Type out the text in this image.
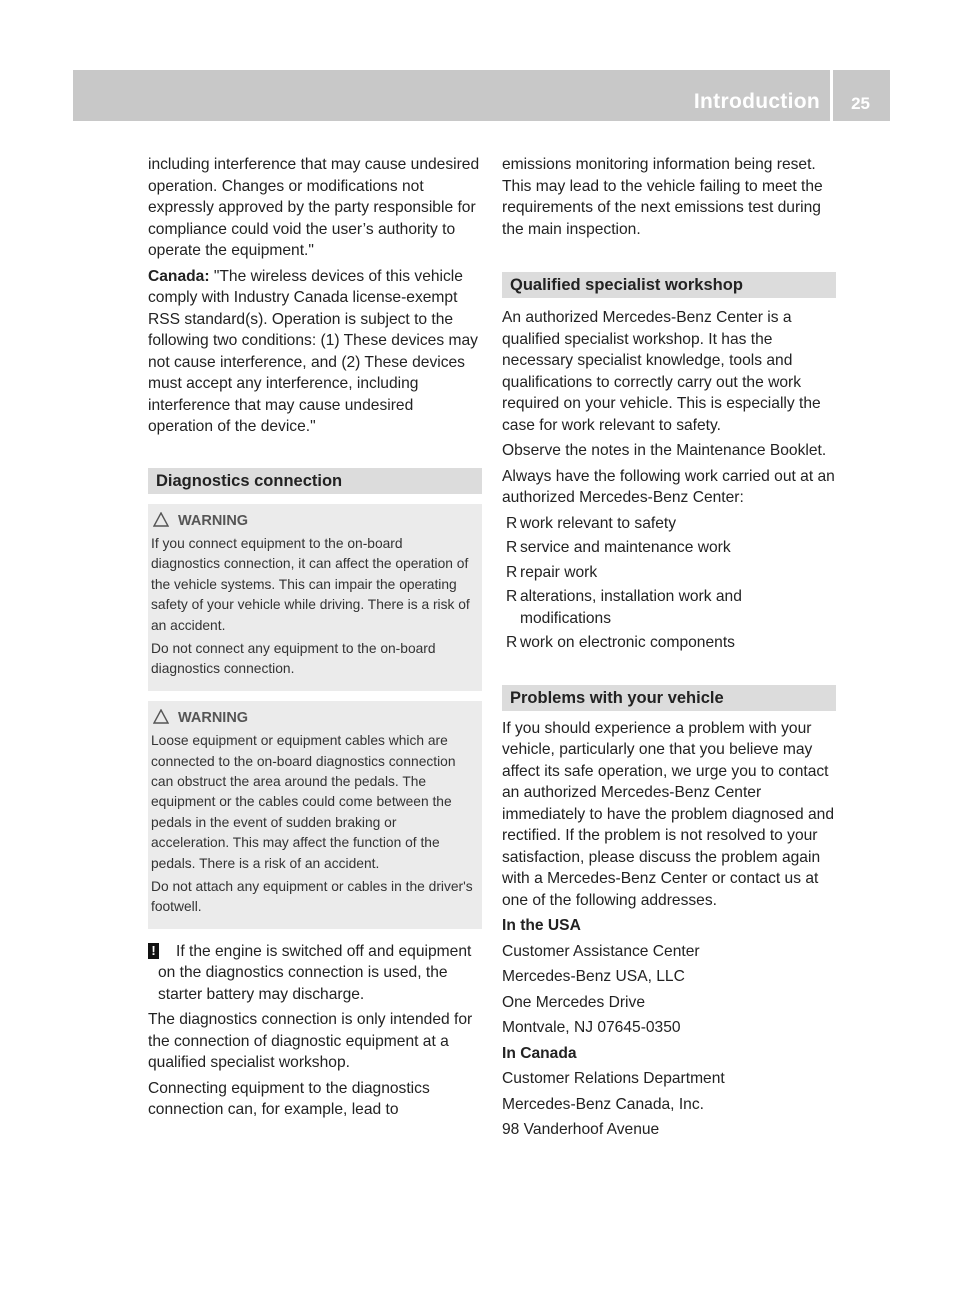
Introduction 25

including interference that may cause undesired operation. Changes or modifications not expressly approved by the party responsible for compliance could void the user’s authority to operate the equipment."

Canada: "The wireless devices of this vehicle comply with Industry Canada license-exempt RSS standard(s). Operation is subject to the following two conditions: (1) These devices may not cause interference, and (2) These devices must accept any interference, including interference that may cause undesired operation of the device."

Diagnostics connection
WARNING

If you connect equipment to the on-board diagnostics connection, it can affect the operation of the vehicle systems. This can impair the operating safety of your vehicle while driving. There is a risk of an accident.

Do not connect any equipment to the on-board diagnostics connection.

WARNING

Loose equipment or equipment cables which are connected to the on-board diagnostics connection can obstruct the area around the pedals. The equipment or the cables could come between the pedals in the event of sudden braking or acceleration. This may affect the function of the pedals. There is a risk of an accident.

Do not attach any equipment or cables in the driver's footwell.

!	If the engine is switched off and equipment on the diagnostics connection is used, the starter battery may discharge.

The diagnostics connection is only intended for the connection of diagnostic equipment at a qualified specialist workshop.

Connecting equipment to the diagnostics connection can, for example, lead to

emissions monitoring information being reset. This may lead to the vehicle failing to meet the requirements of the next emissions test during the main inspection.

Qualified specialist workshop

An authorized Mercedes-Benz Center is a qualified specialist workshop. It has the necessary specialist knowledge, tools and qualifications to correctly carry out the work required on your vehicle. This is especially the case for work relevant to safety.

Observe the notes in the Maintenance Booklet.

Always have the following work carried out at an authorized Mercedes-Benz Center:

R work relevant to safety
R service and maintenance work
R repair work
R alterations, installation work and modifications
R work on electronic components
Problems with your vehicle

If you should experience a problem with your vehicle, particularly one that you believe may affect its safe operation, we urge you to contact an authorized Mercedes-Benz Center immediately to have the problem diagnosed and rectified. If the problem is not resolved to your satisfaction, please discuss the problem again with a Mercedes-Benz Center or contact us at one of the following addresses.

In the USA

Customer Assistance Center

Mercedes-Benz USA, LLC

One Mercedes Drive

Montvale, NJ 07645-0350

In Canada

Customer Relations Department

Mercedes-Benz Canada, Inc.

98 Vanderhoof Avenue
